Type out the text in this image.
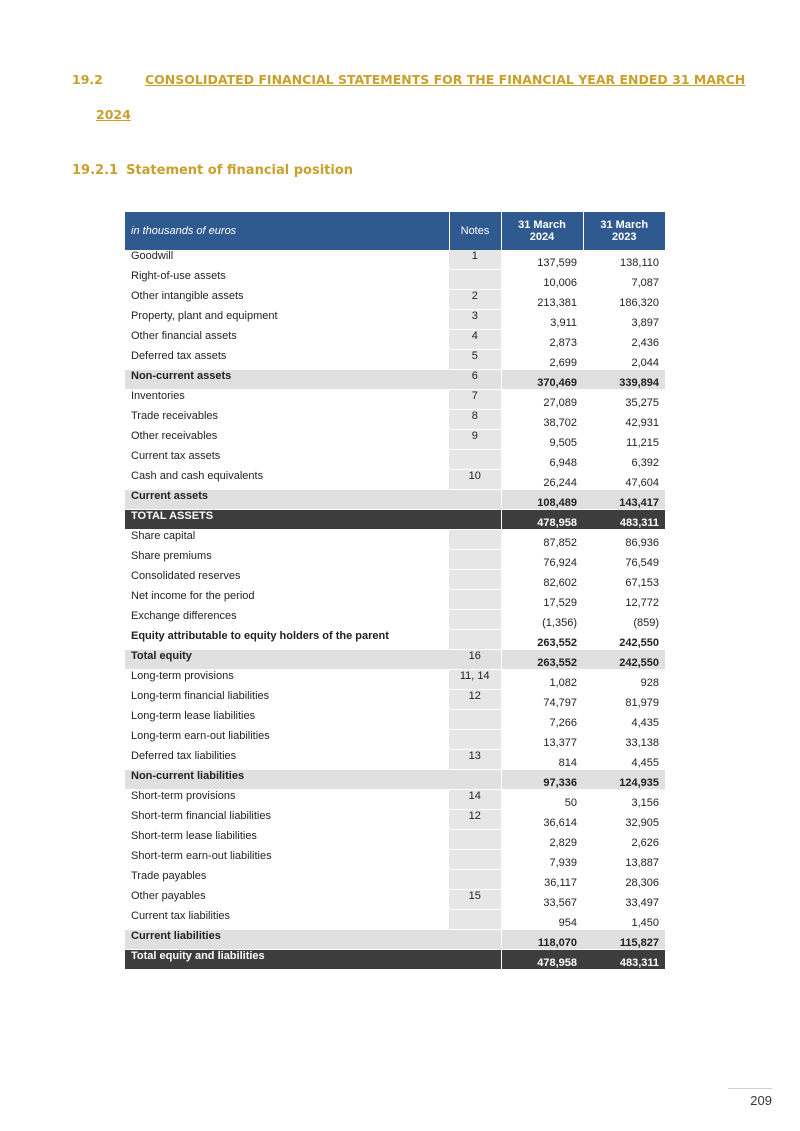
19.2	CONSOLIDATED FINANCIAL STATEMENTS FOR THE FINANCIAL YEAR ENDED 31 MARCH
2024
19.2.1 Statement of financial position
in thousands of euros	Notes	31 March 2024	31 March 2023
Goodwill	1	137,599	138,110
Right-of-use assets		10,006	7,087
Other intangible assets	2	213,381	186,320
Property, plant and equipment	3	3,911	3,897
Other financial assets	4	2,873	2,436
Deferred tax assets	5	2,699	2,044
Non-current assets	6	370,469	339,894
Inventories	7	27,089	35,275
Trade receivables	8	38,702	42,931
Other receivables	9	9,505	11,215
Current tax assets		6,948	6,392
Cash and cash equivalents	10	26,244	47,604
Current assets		108,489	143,417
TOTAL ASSETS		478,958	483,311
Share capital		87,852	86,936
Share premiums		76,924	76,549
Consolidated reserves		82,602	67,153
Net income for the period		17,529	12,772
Exchange differences		(1,356)	(859)
Equity attributable to equity holders of the parent		263,552	242,550
Total equity	16	263,552	242,550
Long-term provisions	11, 14	1,082	928
Long-term financial liabilities	12	74,797	81,979
Long-term lease liabilities		7,266	4,435
Long-term earn-out liabilities		13,377	33,138
Deferred tax liabilities	13	814	4,455
Non-current liabilities		97,336	124,935
Short-term provisions	14	50	3,156
Short-term financial liabilities	12	36,614	32,905
Short-term lease liabilities		2,829	2,626
Short-term earn-out liabilities		7,939	13,887
Trade payables		36,117	28,306
Other payables	15	33,567	33,497
Current tax liabilities		954	1,450
Current liabilities		118,070	115,827
Total equity and liabilities		478,958	483,311
209
